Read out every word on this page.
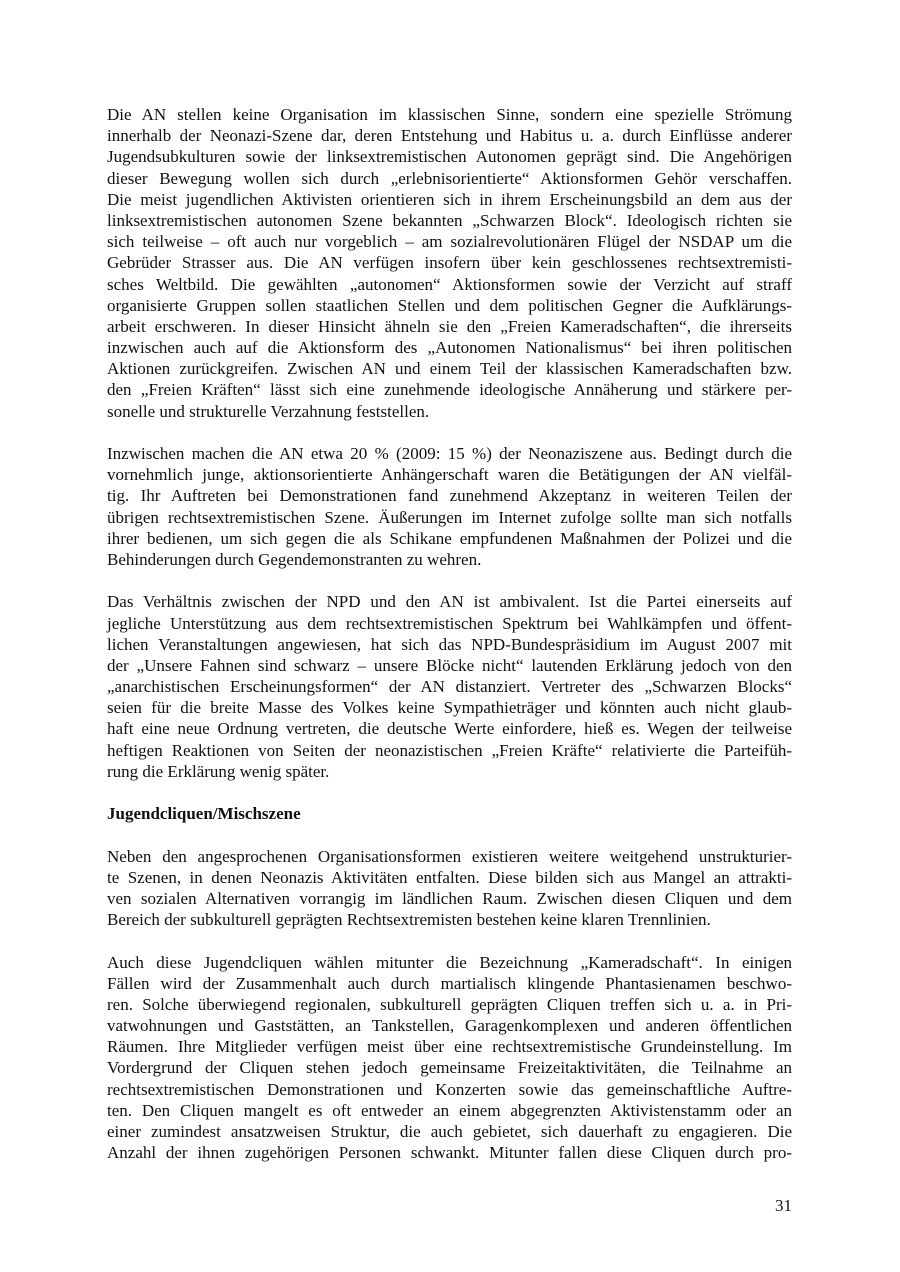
Die AN stellen keine Organisation im klassischen Sinne, sondern eine spezielle Strömung
innerhalb der Neonazi-Szene dar, deren Entstehung und Habitus u. a. durch Einflüsse anderer
Jugendsubkulturen sowie der linksextremistischen Autonomen geprägt sind. Die Angehörigen
dieser Bewegung wollen sich durch „erlebnisorientierte“ Aktionsformen Gehör verschaffen.
Die meist jugendlichen Aktivisten orientieren sich in ihrem Erscheinungsbild an dem aus der
linksextremistischen autonomen Szene bekannten „Schwarzen Block“. Ideologisch richten sie
sich teilweise – oft auch nur vorgeblich – am sozialrevolutionären Flügel der NSDAP um die
Gebrüder Strasser aus. Die AN verfügen insofern über kein geschlossenes rechtsextremisti-
sches Weltbild. Die gewählten „autonomen“ Aktionsformen sowie der Verzicht auf straff
organisierte Gruppen sollen staatlichen Stellen und dem politischen Gegner die Aufklärungs-
arbeit erschweren. In dieser Hinsicht ähneln sie den „Freien Kameradschaften“, die ihrerseits
inzwischen auch auf die Aktionsform des „Autonomen Nationalismus“ bei ihren politischen
Aktionen zurückgreifen. Zwischen AN und einem Teil der klassischen Kameradschaften bzw.
den „Freien Kräften“ lässt sich eine zunehmende ideologische Annäherung und stärkere per-
sonelle und strukturelle Verzahnung feststellen.
Inzwischen machen die AN etwa 20 % (2009: 15 %) der Neonaziszene aus. Bedingt durch die
vornehmlich junge, aktionsorientierte Anhängerschaft waren die Betätigungen der AN vielfäl-
tig. Ihr Auftreten bei Demonstrationen fand zunehmend Akzeptanz in weiteren Teilen der
übrigen rechtsextremistischen Szene. Äußerungen im Internet zufolge sollte man sich notfalls
ihrer bedienen, um sich gegen die als Schikane empfundenen Maßnahmen der Polizei und die
Behinderungen durch Gegendemonstranten zu wehren.
Das Verhältnis zwischen der NPD und den AN ist ambivalent. Ist die Partei einerseits auf
jegliche Unterstützung aus dem rechtsextremistischen Spektrum bei Wahlkämpfen und öffent-
lichen Veranstaltungen angewiesen, hat sich das NPD-Bundespräsidium im August 2007 mit
der „Unsere Fahnen sind schwarz – unsere Blöcke nicht“ lautenden Erklärung jedoch von den
„anarchistischen Erscheinungsformen“ der AN distanziert. Vertreter des „Schwarzen Blocks“
seien für die breite Masse des Volkes keine Sympathieträger und könnten auch nicht glaub-
haft eine neue Ordnung vertreten, die deutsche Werte einfordere, hieß es. Wegen der teilweise
heftigen Reaktionen von Seiten der neonazistischen „Freien Kräfte“ relativierte die Parteifüh-
rung die Erklärung wenig später.
Jugendcliquen/Mischszene
Neben den angesprochenen Organisationsformen existieren weitere weitgehend unstrukturier-
te Szenen, in denen Neonazis Aktivitäten entfalten. Diese bilden sich aus Mangel an attrakti-
ven sozialen Alternativen vorrangig im ländlichen Raum. Zwischen diesen Cliquen und dem
Bereich der subkulturell geprägten Rechtsextremisten bestehen keine klaren Trennlinien.
Auch diese Jugendcliquen wählen mitunter die Bezeichnung „Kameradschaft“. In einigen
Fällen wird der Zusammenhalt auch durch martialisch klingende Phantasienamen beschwo-
ren. Solche überwiegend regionalen, subkulturell geprägten Cliquen treffen sich u. a. in Pri-
vatwohnungen und Gaststätten, an Tankstellen, Garagenkomplexen und anderen öffentlichen
Räumen. Ihre Mitglieder verfügen meist über eine rechtsextremistische Grundeinstellung. Im
Vordergrund der Cliquen stehen jedoch gemeinsame Freizeitaktivitäten, die Teilnahme an
rechtsextremistischen Demonstrationen und Konzerten sowie das gemeinschaftliche Auftre-
ten. Den Cliquen mangelt es oft entweder an einem abgegrenzten Aktivistenstamm oder an
einer zumindest ansatzweisen Struktur, die auch gebietet, sich dauerhaft zu engagieren. Die
Anzahl der ihnen zugehörigen Personen schwankt. Mitunter fallen diese Cliquen durch pro-
31
